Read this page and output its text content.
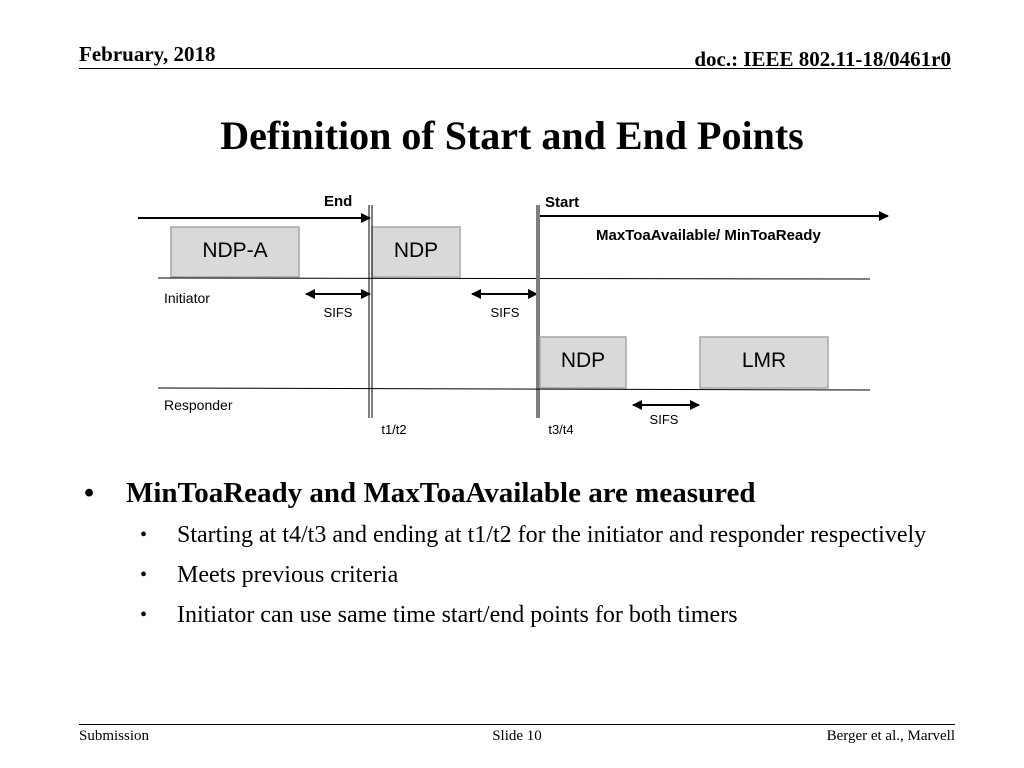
February, 2018	doc.: IEEE 802.11-18/0461r0
Definition of Start and End Points
End	Start
MaxToaAvailable/ MinToaReady
NDP-A	NDP
Initiator
SIFS	SIFS
NDP	LMR
Responder
SIFS
t1/t2	t3/t4
• MinToaReady and MaxToaAvailable are measured
• Starting at t4/t3 and ending at t1/t2 for the initiator and responder respectively
• Meets previous criteria
• Initiator can use same time start/end points for both timers
Submission	Slide 10	Berger et al., Marvell
